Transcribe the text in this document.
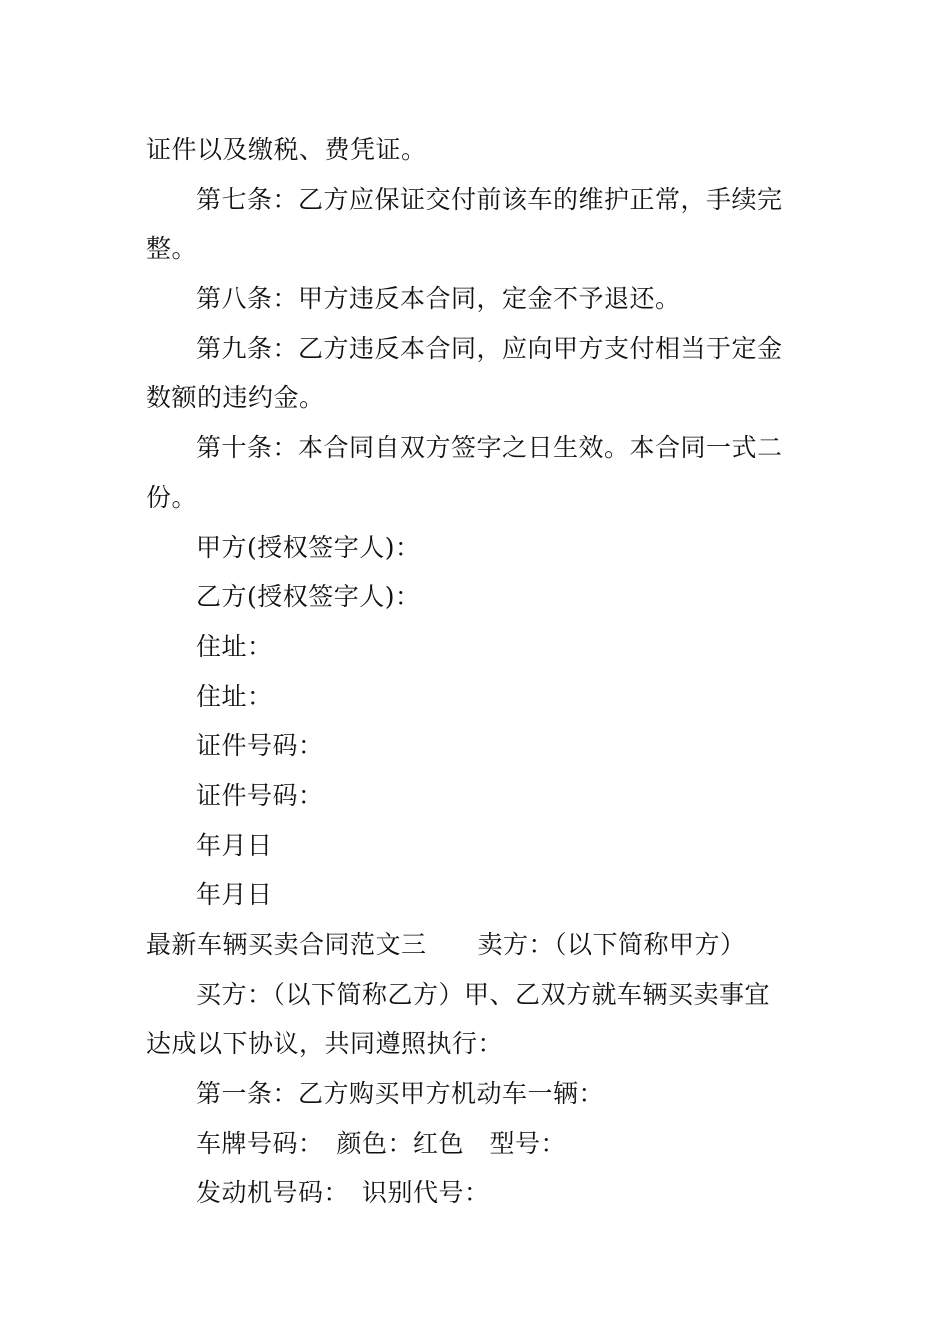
证件以及缴税、费凭证。
第七条：乙方应保证交付前该车的维护正常，手续完
整。
第八条：甲方违反本合同，定金不予退还。
第九条：乙方违反本合同，应向甲方支付相当于定金
数额的违约金。
第十条：本合同自双方签字之日生效。本合同一式二
份。
甲方(授权签字人)：
乙方(授权签字人)：
住址：
住址：
证件号码：
证件号码：
年月日
年月日
最新车辆买卖合同范文三　　卖方：（以下简称甲方）
买方：（以下简称乙方）甲、乙双方就车辆买卖事宜
达成以下协议，共同遵照执行：
第一条：乙方购买甲方机动车一辆：
车牌号码：　颜色：红色　型号：
发动机号码：　识别代号：
